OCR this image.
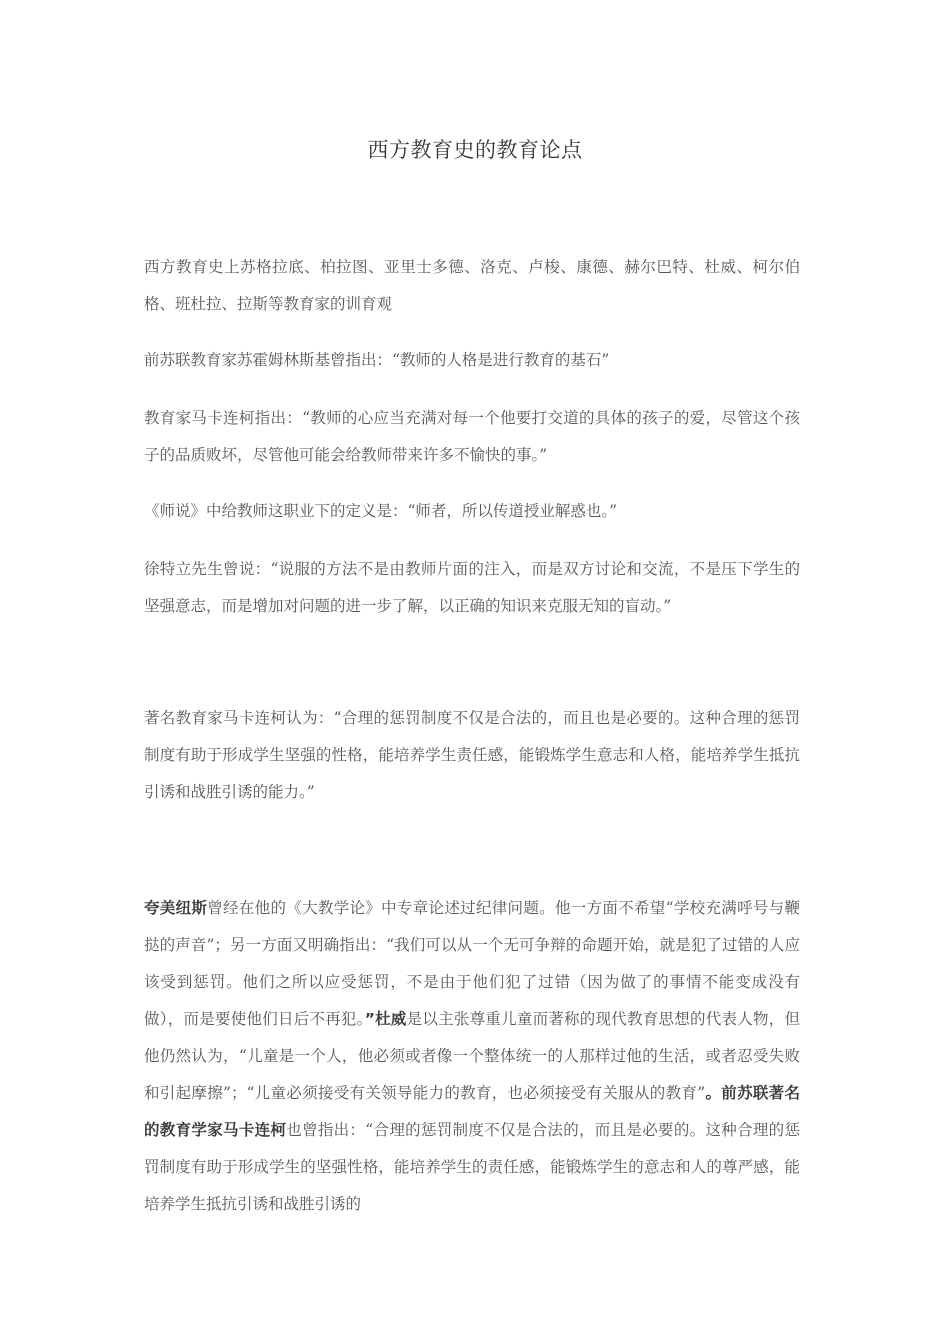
西方教育史的教育论点

西方教育史上苏格拉底、柏拉图、亚里士多德、洛克、卢梭、康德、赫尔巴特、杜威、柯尔伯格、班杜拉、拉斯等教育家的训育观

前苏联教育家苏霍姆林斯基曾指出：“教师的人格是进行教育的基石”

教育家马卡连柯指出：“教师的心应当充满对每一个他要打交道的具体的孩子的爱，尽管这个孩子的品质败坏，尽管他可能会给教师带来许多不愉快的事。”

《师说》中给教师这职业下的定义是：“师者，所以传道授业解惑也。”

徐特立先生曾说：“说服的方法不是由教师片面的注入，而是双方讨论和交流，不是压下学生的坚强意志，而是增加对问题的进一步了解，以正确的知识来克服无知的盲动。”

著名教育家马卡连柯认为：“合理的惩罚制度不仅是合法的，而且也是必要的。这种合理的惩罚制度有助于形成学生坚强的性格，能培养学生责任感，能锻炼学生意志和人格，能培养学生抵抗引诱和战胜引诱的能力。”

夸美纽斯曾经在他的《大教学论》中专章论述过纪律问题。他一方面不希望“学校充满呼号与鞭挞的声音”；另一方面又明确指出：“我们可以从一个无可争辩的命题开始，就是犯了过错的人应该受到惩罚。他们之所以应受惩罚，不是由于他们犯了过错（因为做了的事情不能变成没有做），而是要使他们日后不再犯。”杜威是以主张尊重儿童而著称的现代教育思想的代表人物，但他仍然认为，“儿童是一个人，他必须或者像一个整体统一的人那样过他的生活，或者忍受失败和引起摩擦”；“儿童必须接受有关领导能力的教育，也必须接受有关服从的教育”。前苏联著名的教育学家马卡连柯也曾指出：“合理的惩罚制度不仅是合法的，而且是必要的。这种合理的惩罚制度有助于形成学生的坚强性格，能培养学生的责任感，能锻炼学生的意志和人的尊严感，能培养学生抵抗引诱和战胜引诱的
